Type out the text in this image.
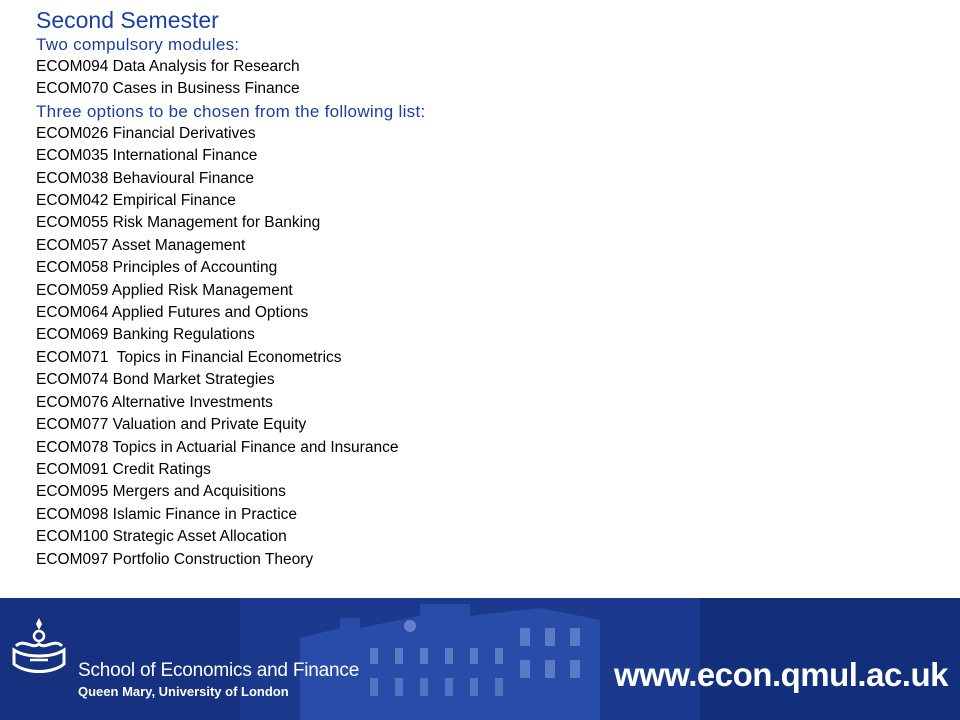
Second Semester
Two compulsory modules:
ECOM094 Data Analysis for Research
ECOM070 Cases in Business Finance
Three options to be chosen from the following list:
ECOM026 Financial Derivatives
ECOM035 International Finance
ECOM038 Behavioural Finance
ECOM042 Empirical Finance
ECOM055 Risk Management for Banking
ECOM057 Asset Management
ECOM058 Principles of Accounting
ECOM059 Applied Risk Management
ECOM064 Applied Futures and Options
ECOM069 Banking Regulations
ECOM071  Topics in Financial Econometrics
ECOM074 Bond Market Strategies
ECOM076 Alternative Investments
ECOM077 Valuation and Private Equity
ECOM078 Topics in Actuarial Finance and Insurance
ECOM091 Credit Ratings
ECOM095 Mergers and Acquisitions
ECOM098 Islamic Finance in Practice
ECOM100 Strategic Asset Allocation
ECOM097 Portfolio Construction Theory
School of Economics and Finance
Queen Mary, University of London	www.econ.qmul.ac.uk
